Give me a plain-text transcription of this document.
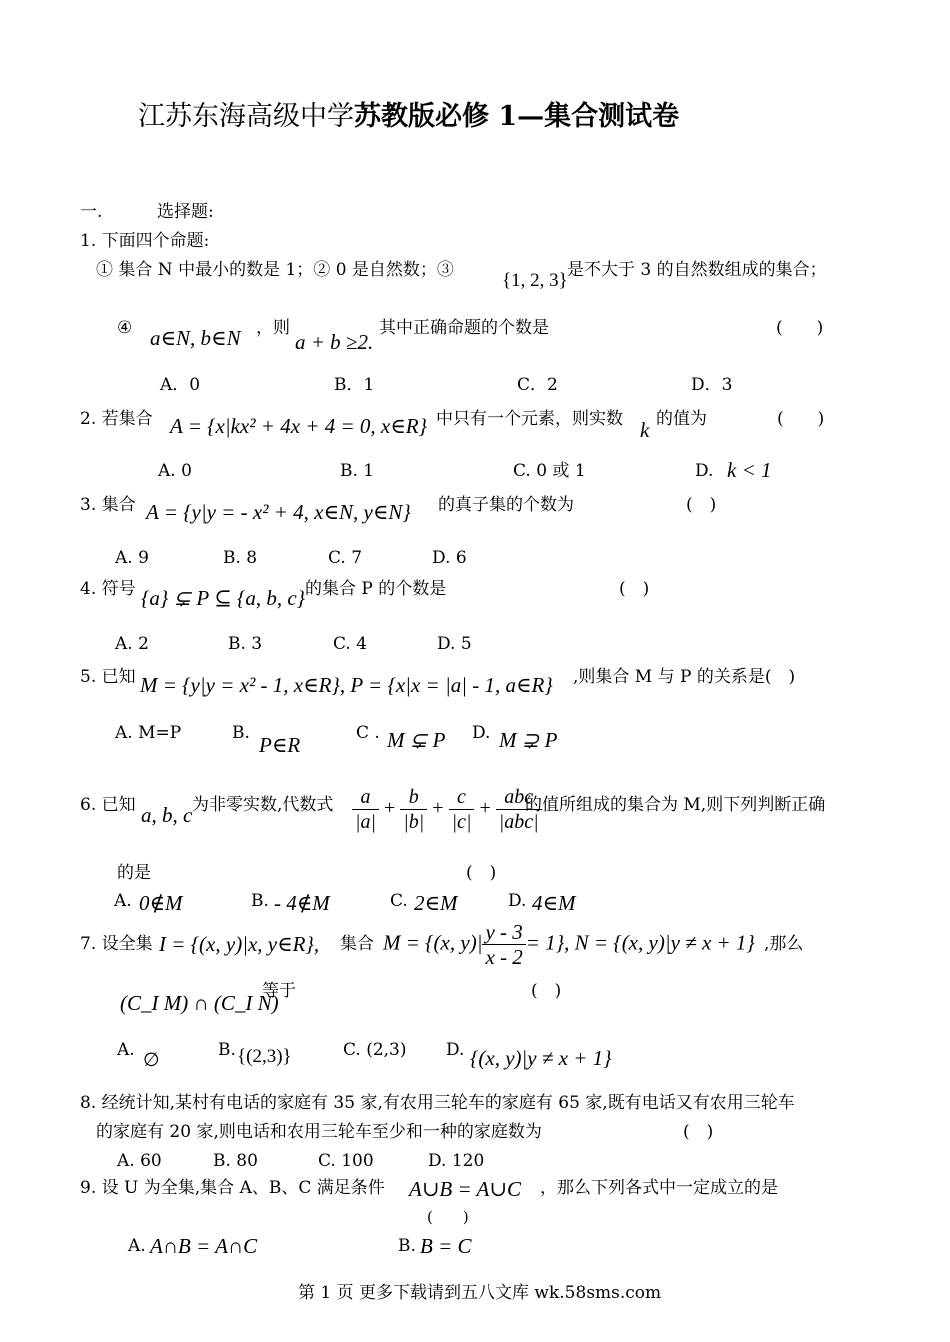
江苏东海高级中学苏教版必修 1—集合测试卷
一.	选择题:
1. 下面四个命题:
① 集合 N 中最小的数是 1；② 0 是自然数；③	{1, 2, 3} 是不大于 3 的自然数组成的集合；
④ a∈N, b∈N ，则
a + b ≥2.
其中正确命题的个数是	(　　)
A．0	B．1	C．2	D．3
2. 若集合 A = {x|kx² + 4x + 4 = 0, x∈R} 中只有一个元素，则实数 k 的值为	(　　)
A. 0	B. 1	C. 0 或 1	D. k < 1
3. 集合 A = {y|y = - x² + 4, x∈N, y∈N} 的真子集的个数为	(　)
A. 9	B. 8	C. 7	D. 6
4. 符号 {a} ⊊ P ⊆ {a, b, c} 的集合 P 的个数是	(　)
A. 2	B. 3	C. 4	D. 5
5. 已知 M = {y|y = x² - 1, x∈R}, P = {x|x = |a| - 1, a∈R} ,则集合 M 与 P 的关系是(　)
A. M=P	B. P∈R	C . M ⊊ P D. M ⊋ P
6. 已知 a, b, c 为非零实数,代数式 $\frac{a}{|a|} + \frac{b}{|b|} + \frac{c}{|c|} + \frac{\text{abc}}{\text{|abc|}}$
的值所组成的集合为 M,则下列判断正确
的是	(　)
A. 0∉M	B. - 4∉M	C. 2∈M	D. 4∈M
7. 设全集 I = {(x, y)|x, y∈R}, 集合 M = {(x, $y)| \frac{y - 3}{x - 2} = 1$}, N = {(x, y)|y ≠ x + 1} ,那么
(C_I M) ∩ (C_I N)
等于	(　)
A. ∅	B. {(2,3)}	C. (2,3) D. {(x, y)|y ≠ x + 1}
8. 经统计知,某村有电话的家庭有 35 家,有农用三轮车的家庭有 65 家,既有电话又有农用三轮车
的家庭有 20 家,则电话和农用三轮车至少和一种的家庭数为	(　)
A. 60	B. 80	C. 100	D. 120
9. 设 U 为全集,集合 A、B、C 满足条件 A∪B = A∪C ，那么下列各式中一定成立的是
(　　)
A. A∩B = A∩C	B. B = C
第 1 页 更多下载请到五八文库 wk.58sms.com
